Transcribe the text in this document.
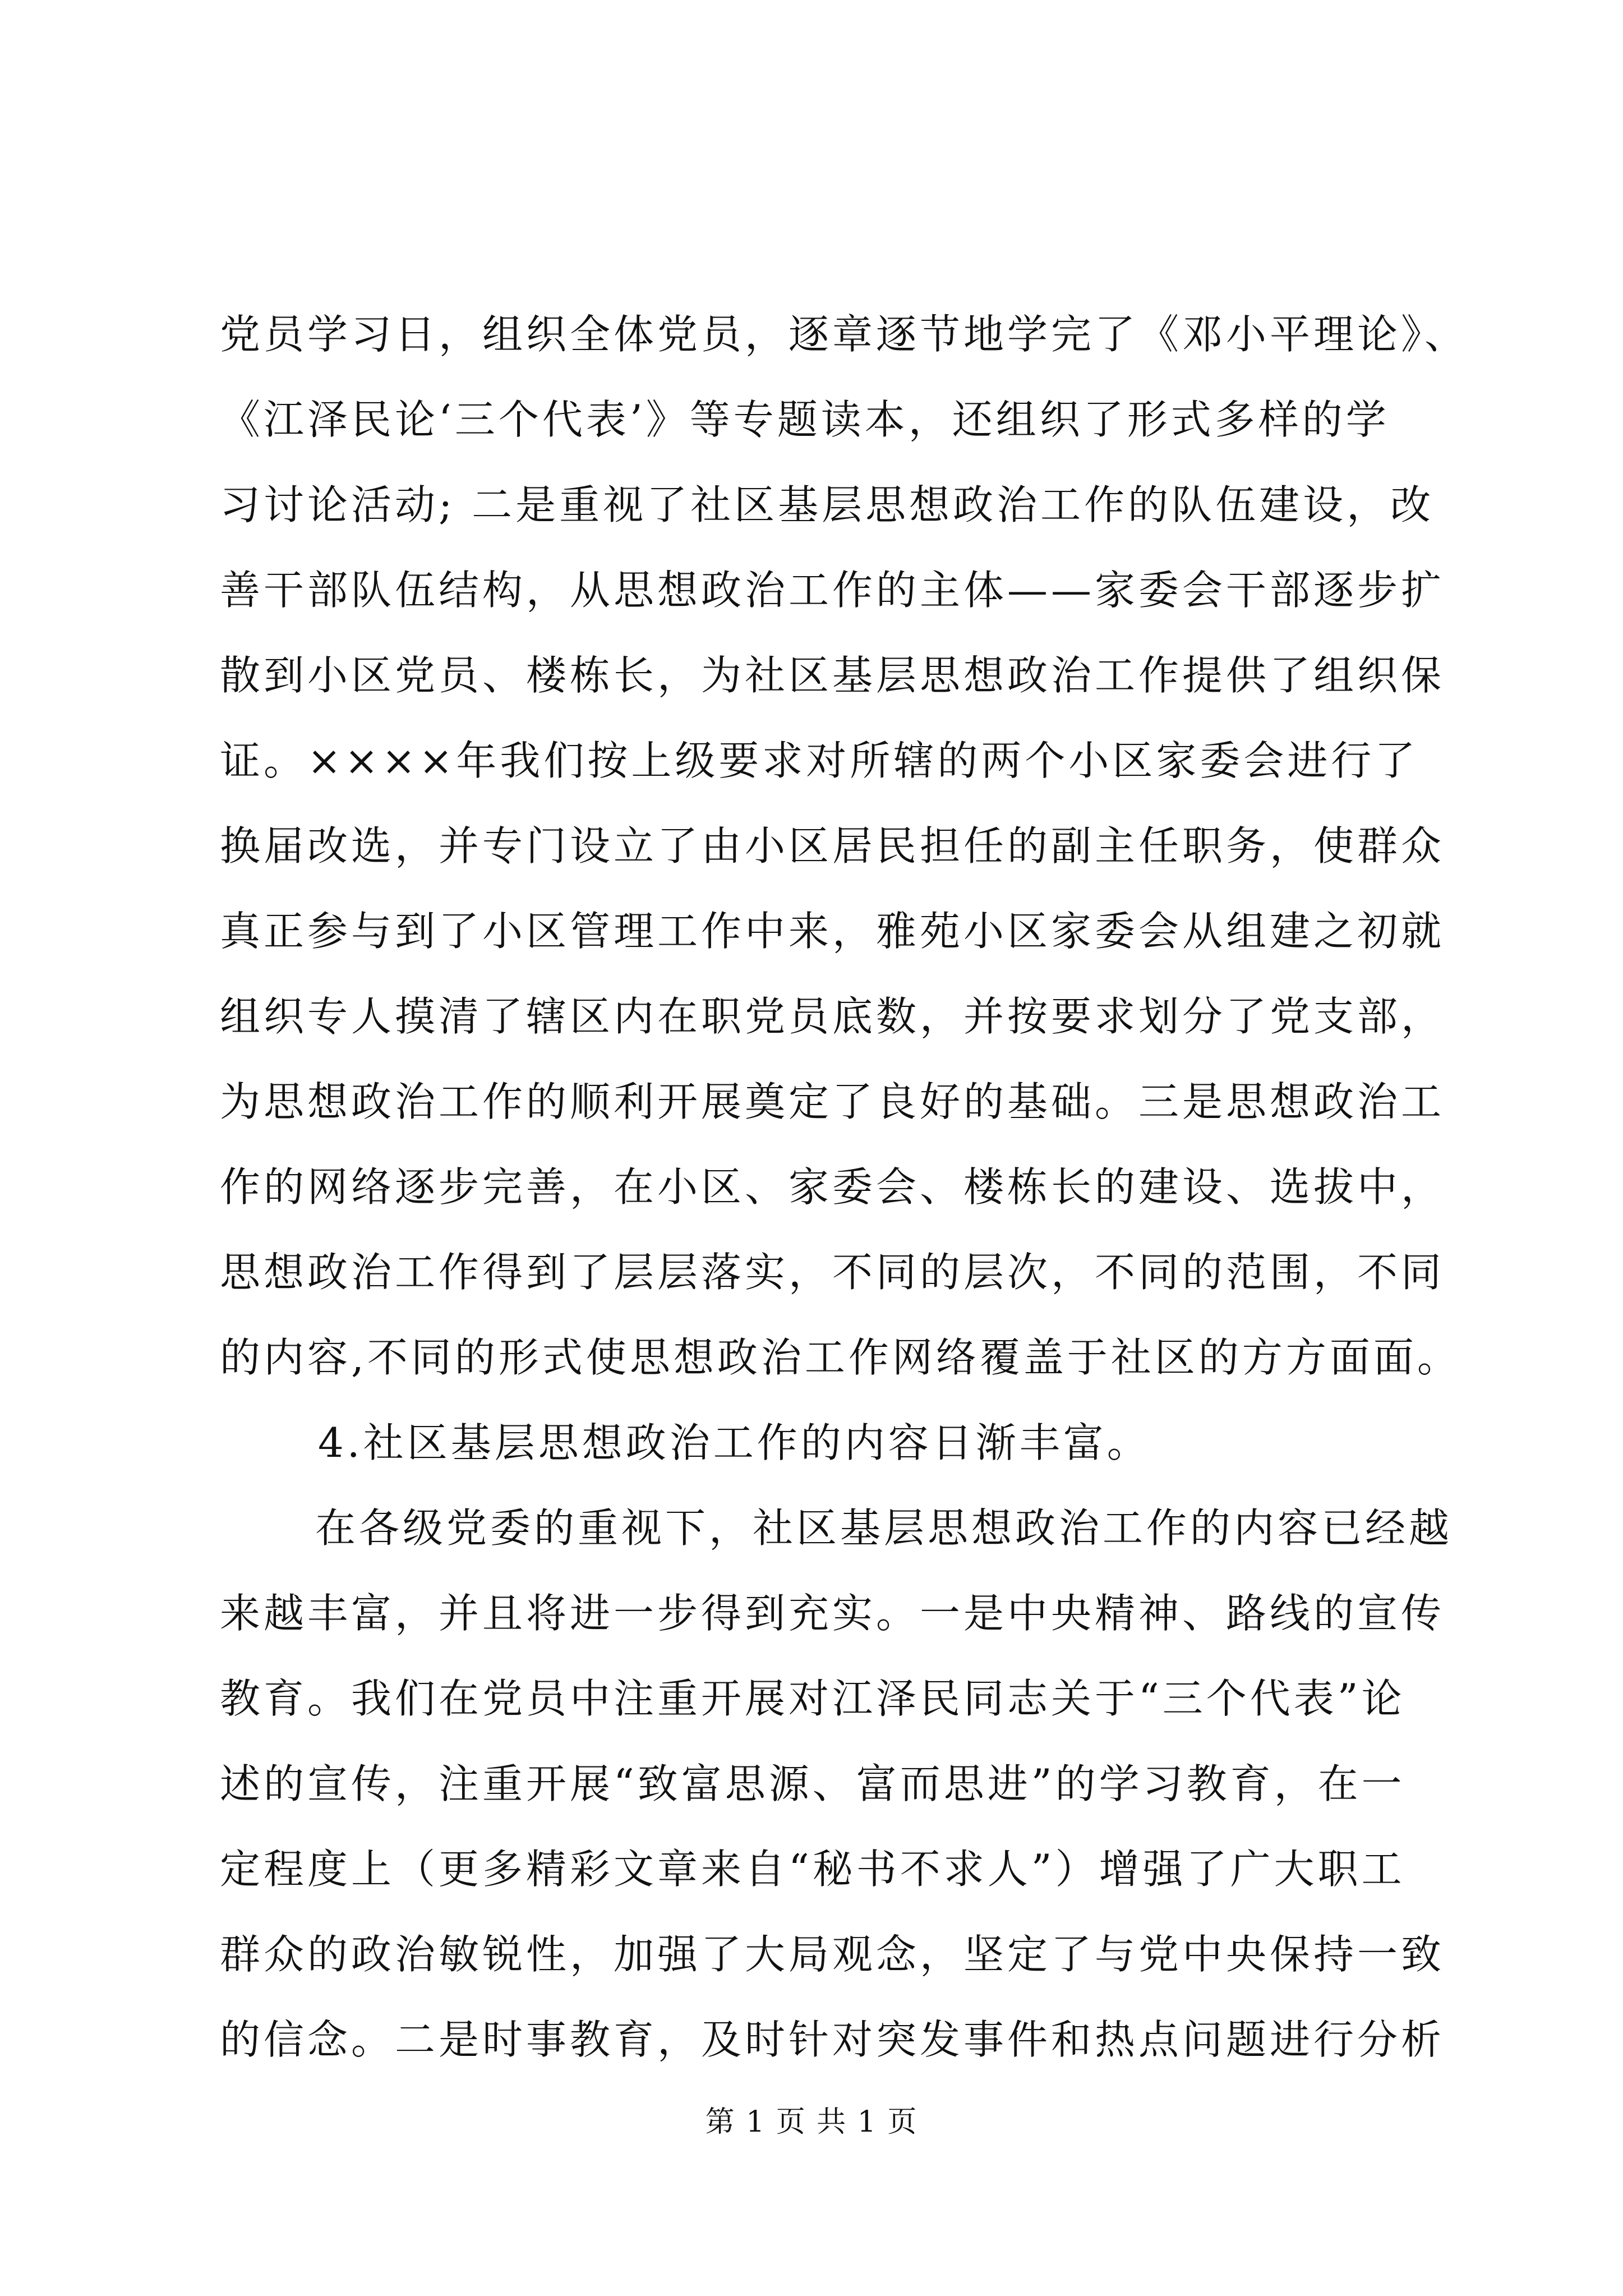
党员学习日，组织全体党员，逐章逐节地学完了《邓小平理论》、
《江泽民论‘三个代表’》等专题读本，还组织了形式多样的学
习讨论活动; 二是重视了社区基层思想政治工作的队伍建设，改
善干部队伍结构，从思想政治工作的主体——家委会干部逐步扩
散到小区党员、楼栋长，为社区基层思想政治工作提供了组织保
证。××××年我们按上级要求对所辖的两个小区家委会进行了
换届改选，并专门设立了由小区居民担任的副主任职务，使群众
真正参与到了小区管理工作中来，雅苑小区家委会从组建之初就
组织专人摸清了辖区内在职党员底数，并按要求划分了党支部，
为思想政治工作的顺利开展奠定了良好的基础。三是思想政治工
作的网络逐步完善，在小区、家委会、楼栋长的建设、选拔中，
思想政治工作得到了层层落实，不同的层次，不同的范围，不同
的内容,不同的形式使思想政治工作网络覆盖于社区的方方面面。
4.社区基层思想政治工作的内容日渐丰富。
在各级党委的重视下，社区基层思想政治工作的内容已经越
来越丰富，并且将进一步得到充实。一是中央精神、路线的宣传
教育。我们在党员中注重开展对江泽民同志关于“三个代表”论
述的宣传，注重开展“致富思源、富而思进”的学习教育，在一
定程度上（更多精彩文章来自“秘书不求人”）增强了广大职工
群众的政治敏锐性，加强了大局观念，坚定了与党中央保持一致
的信念。二是时事教育，及时针对突发事件和热点问题进行分析
第 1 页 共 1 页
